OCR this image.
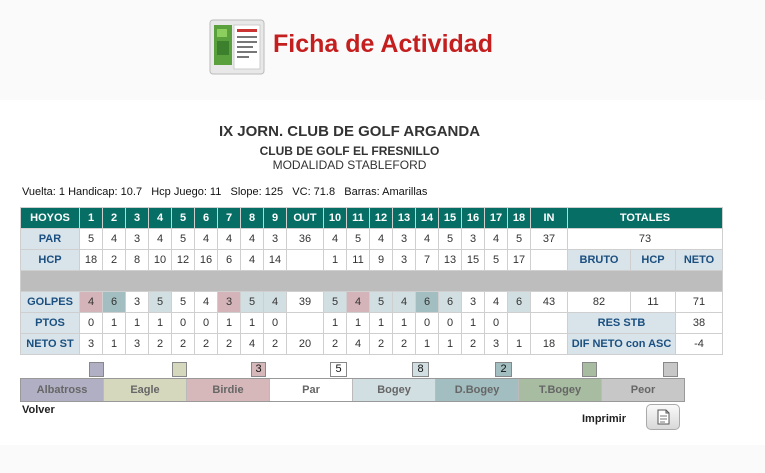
Ficha de Actividad
IX JORN. CLUB DE GOLF ARGANDA
CLUB DE GOLF EL FRESNILLO
MODALIDAD STABLEFORD
Vuelta: 1 Handicap: 10.7   Hcp Juego: 11   Slope: 125   VC: 71.8   Barras: Amarillas
HOYOS	1	2	3	4	5	6	7	8	9	OUT	10	11	12	13	14	15	16	17	18	IN	TOTALES		
PAR	5	4	3	4	5	4	4	4	3	36	4	5	4	3	4	5	3	4	5	37	73		
HCP	18	2	8	10	12	16	6	4	14		1	11	9	3	7	13	15	5	17		BRUTO	HCP	NETO

GOLPES	4	6	3	5	5	4	3	5	4	39	5	4	5	4	6	6	3	4	6	43	82	11	71
PTOS	0	1	1	1	0	0	1	1	0		1	1	1	1	0	0	1	0			RES STB		38
NETO ST	3	1	3	2	2	2	2	4	2	20	2	4	2	2	1	1	2	3	1	18	DIF NETO con ASC		-4
3	5	8	2
Albatross	Eagle	Birdie	Par	Bogey	D.Bogey	T.Bogey	Peor
Volver
Imprimir
